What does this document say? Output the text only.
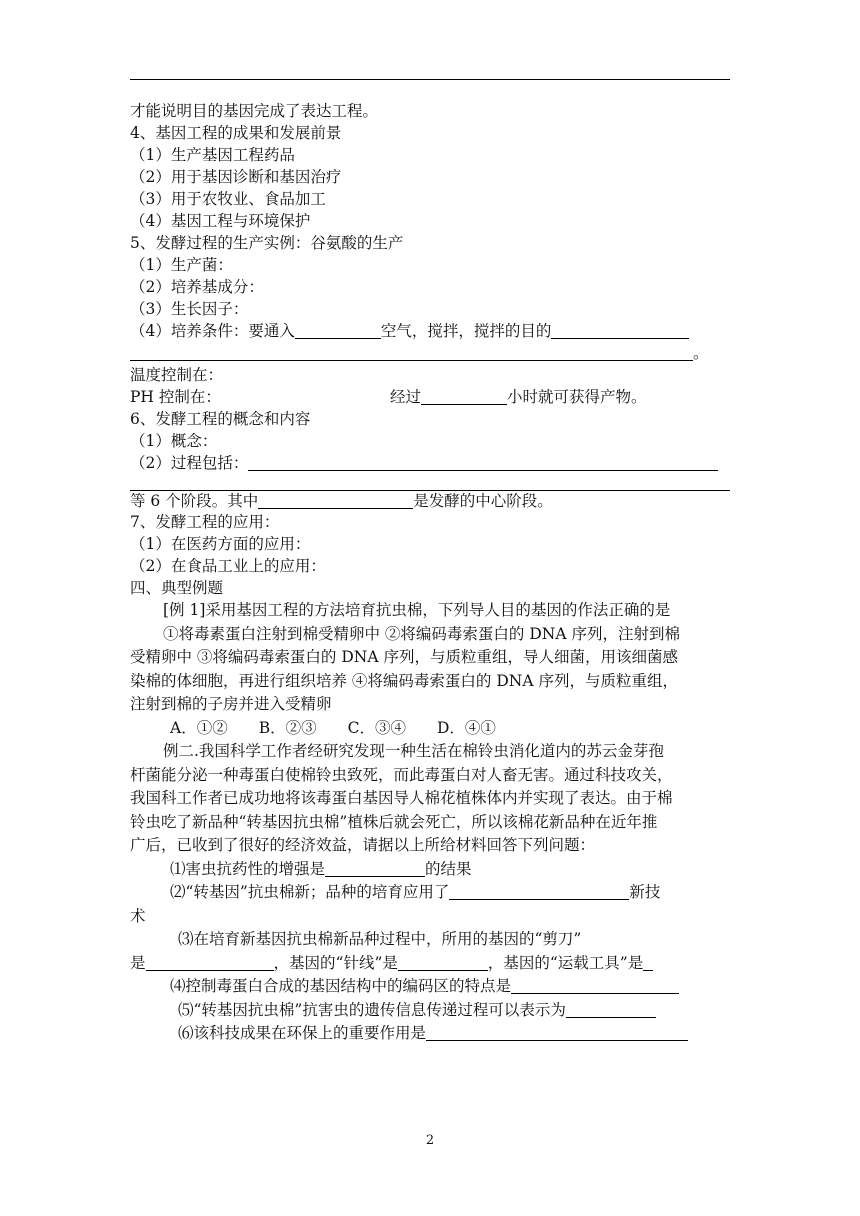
才能说明目的基因完成了表达工程。
4、基因工程的成果和发展前景
（1）生产基因工程药品
（2）用于基因诊断和基因治疗
（3）用于农牧业、食品加工
（4）基因工程与环境保护
5、发酵过程的生产实例：谷氨酸的生产
（1）生产菌：
（2）培养基成分：
（3）生长因子：
（4）培养条件：要通入	空气，搅拌，搅拌的目的
。
温度控制在：
PH 控制在：	经过	小时就可获得产物。
6、发酵工程的概念和内容
（1）概念：
（2）过程包括：
等 6 个阶段。其中	是发酵的中心阶段。
7、发酵工程的应用：
（1）在医药方面的应用：
（2）在食品工业上的应用：
四、典型例题
[例 1]采用基因工程的方法培育抗虫棉，下列导人目的基因的作法正确的是
①将毒素蛋白注射到棉受精卵中 ②将编码毒索蛋白的 DNA 序列，注射到棉
受精卵中 ③将编码毒索蛋白的 DNA 序列，与质粒重组，导人细菌，用该细菌感
染棉的体细胞，再进行组织培养 ④将编码毒索蛋白的 DNA 序列，与质粒重组，
注射到棉的子房并进入受精卵
A．①②　　B．②③　　C．③④　　D．④①
例二.我国科学工作者经研究发现一种生活在棉铃虫消化道内的苏云金芽孢
杆菌能分泌一种毒蛋白使棉铃虫致死，而此毒蛋白对人畜无害。通过科技攻关，
我国科工作者已成功地将该毒蛋白基因导人棉花植株体内并实现了表达。由于棉
铃虫吃了新品种“转基因抗虫棉”植株后就会死亡，所以该棉花新品种在近年推
广后，已收到了很好的经济效益，请据以上所给材料回答下列问题：
⑴害虫抗药性的增强是	的结果
⑵“转基因”抗虫棉新；品种的培育应用了	新技
术
⑶在培育新基因抗虫棉新品种过程中，所用的基因的“剪刀”
是	，基因的“针线”是	，基因的“运载工具”是
⑷控制毒蛋白合成的基因结构中的编码区的特点是
⑸“转基因抗虫棉”抗害虫的遗传信息传递过程可以表示为
⑹该科技成果在环保上的重要作用是
2
